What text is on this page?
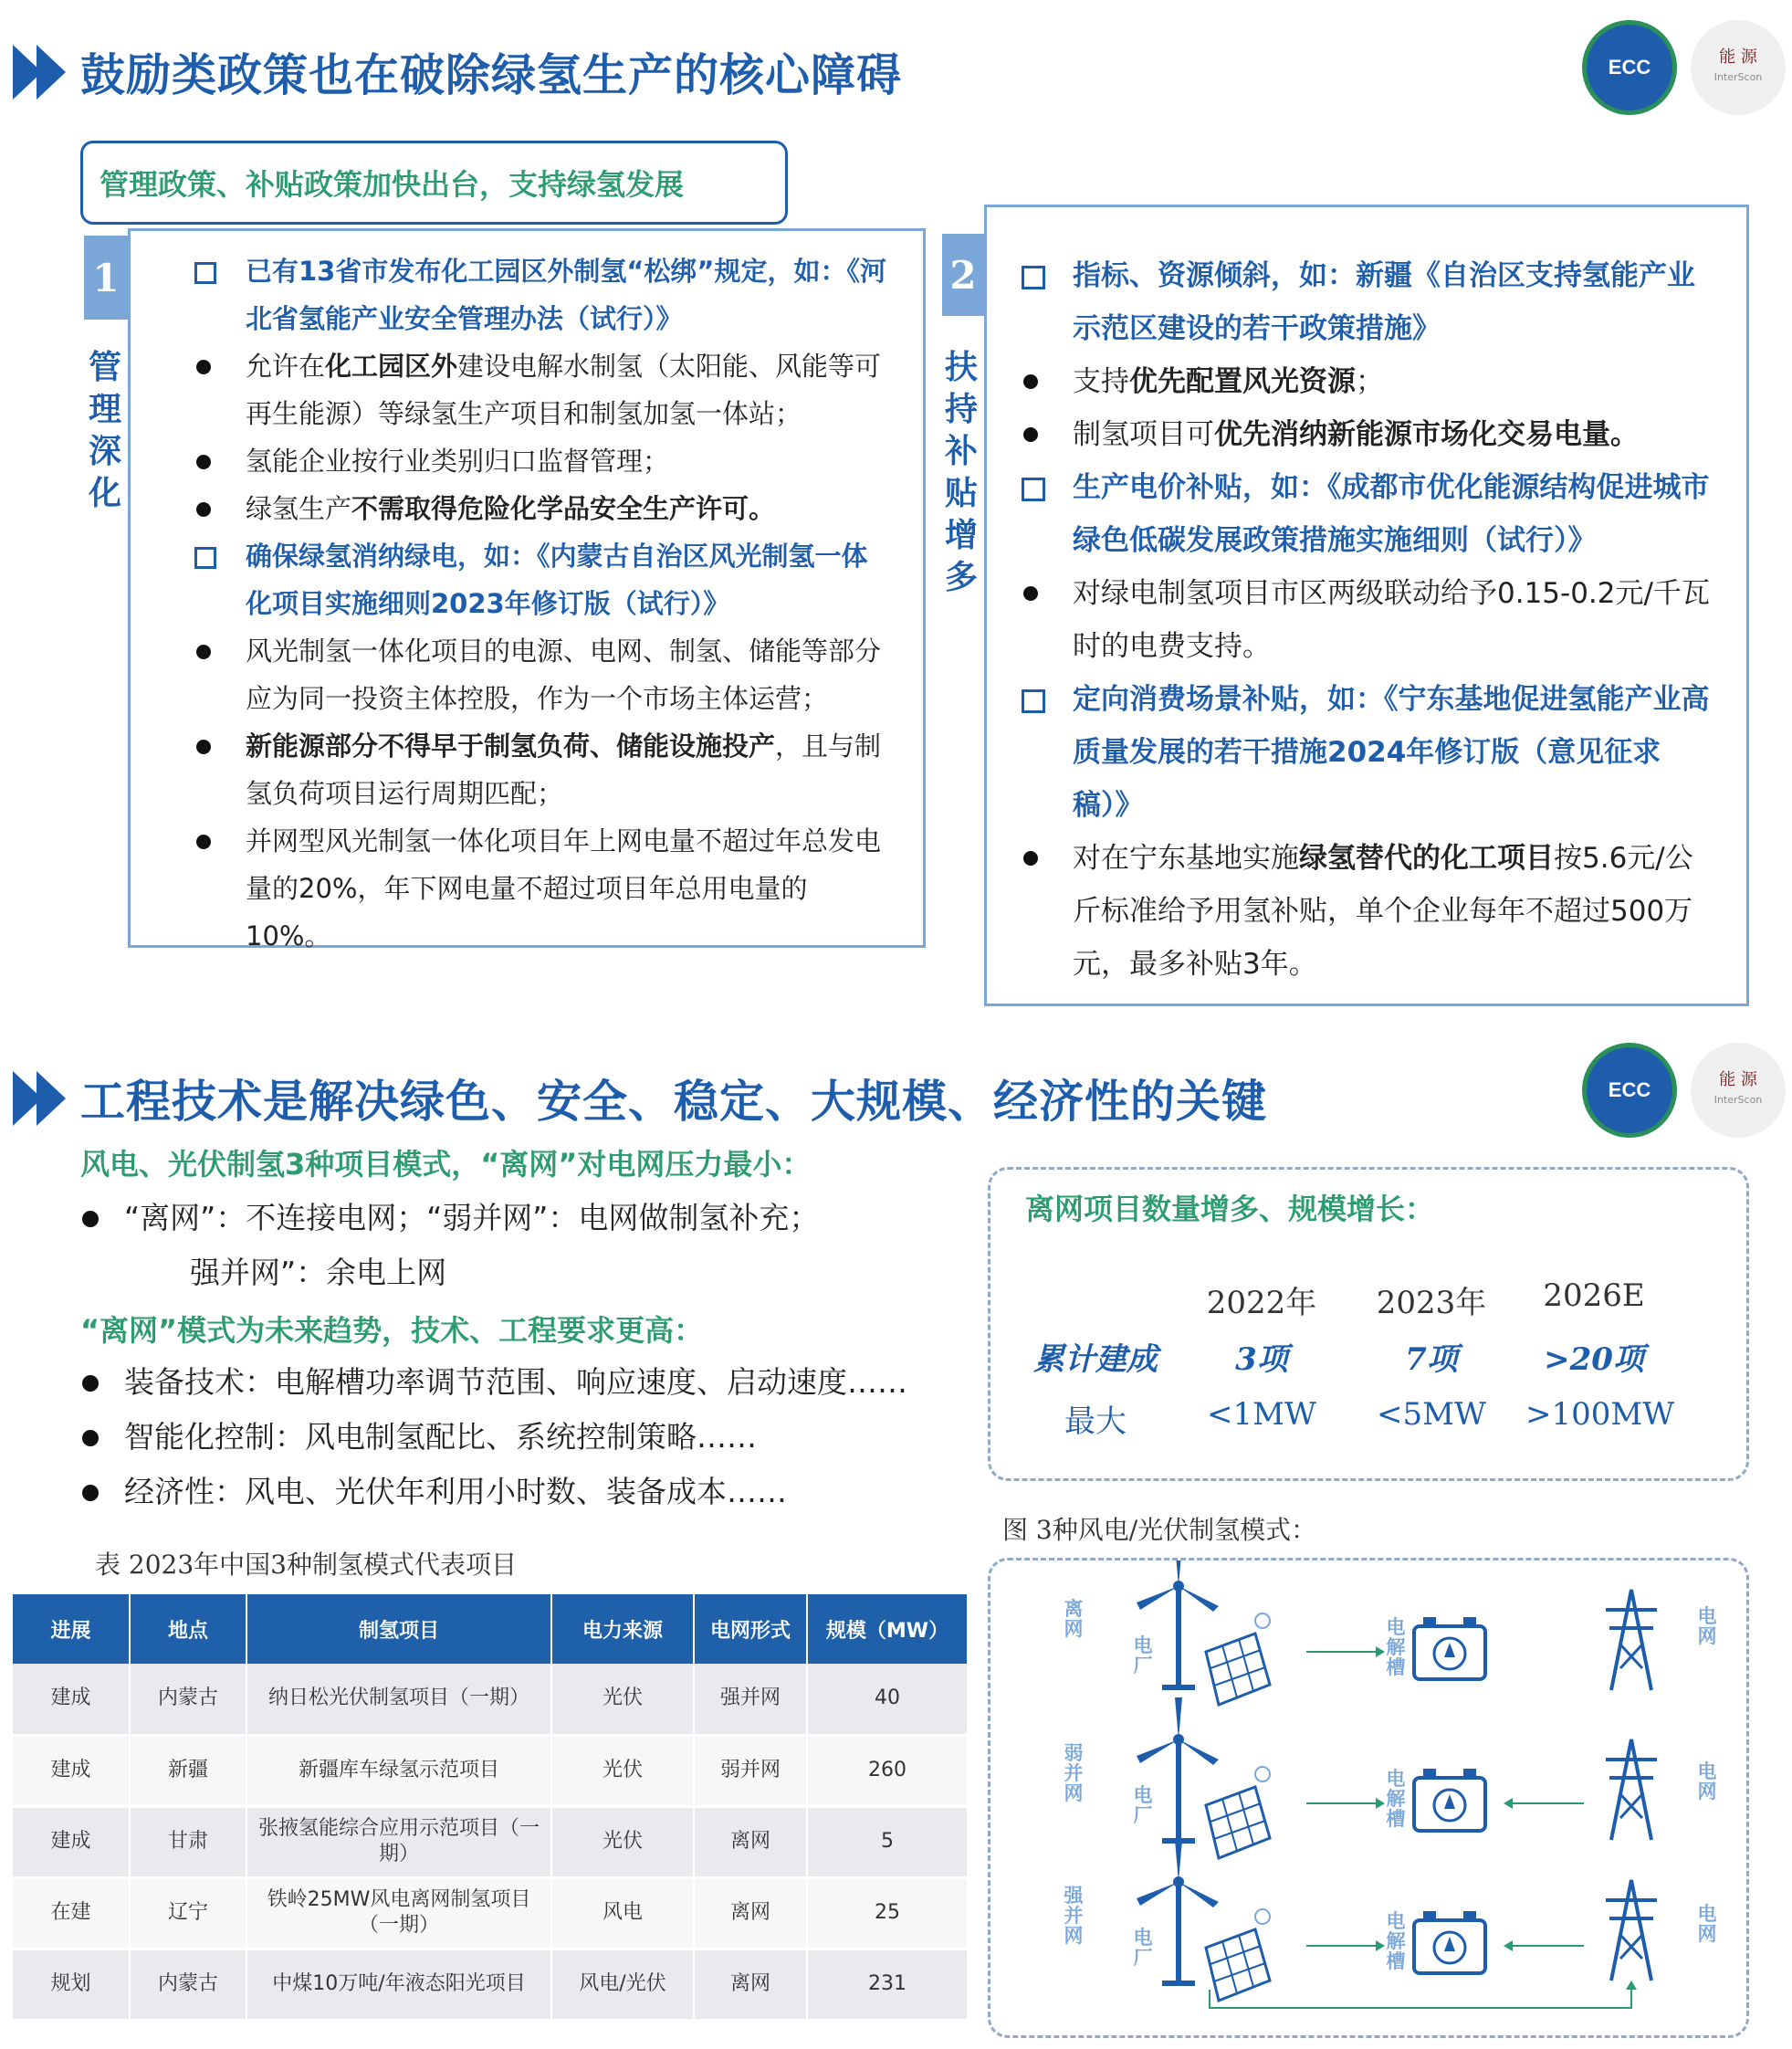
鼓励类政策也在破除绿氢生产的核心障碍	ECC	能 源
InterScon
管理政策、补贴政策加快出台，支持绿氢发展
1
管理深化
已有13省市发布化工园区外制氢“松绑”规定，如：《河北省氢能产业安全管理办法（试行）》
允许在化工园区外建设电解水制氢（太阳能、风能等可再生能源）等绿氢生产项目和制氢加氢一体站；
氢能企业按行业类别归口监督管理；
绿氢生产不需取得危险化学品安全生产许可。
确保绿氢消纳绿电，如：《内蒙古自治区风光制氢一体化项目实施细则2023年修订版（试行）》
风光制氢一体化项目的电源、电网、制氢、储能等部分应为同一投资主体控股，作为一个市场主体运营；
新能源部分不得早于制氢负荷、储能设施投产，且与制氢负荷项目运行周期匹配；
并网型风光制氢一体化项目年上网电量不超过年总发电量的20%，年下网电量不超过项目年总用电量的10%。
2
扶持补贴增多
指标、资源倾斜，如：新疆《自治区支持氢能产业示范区建设的若干政策措施》
支持优先配置风光资源；
制氢项目可优先消纳新能源市场化交易电量。
生产电价补贴，如：《成都市优化能源结构促进城市绿色低碳发展政策措施实施细则（试行）》
对绿电制氢项目市区两级联动给予0.15-0.2元/千瓦时的电费支持。
定向消费场景补贴，如：《宁东基地促进氢能产业高质量发展的若干措施2024年修订版（意见征求稿）》
对在宁东基地实施绿氢替代的化工项目按5.6元/公斤标准给予用氢补贴，单个企业每年不超过500万元，最多补贴3年。
工程技术是解决绿色、安全、稳定、大规模、经济性的关键	ECC	能 源
InterScon
风电、光伏制氢3种项目模式，“离网”对电网压力最小：
“离网”：不连接电网；“弱并网”：电网做制氢补充；
强并网”：余电上网
“离网”模式为未来趋势，技术、工程要求更高：
装备技术：电解槽功率调节范围、响应速度、启动速度……
智能化控制：风电制氢配比、系统控制策略……
经济性：风电、光伏年利用小时数、装备成本……
表 2023年中国3种制氢模式代表项目
进展	地点	制氢项目	电力来源	电网形式	规模（MW）
建成	内蒙古	纳日松光伏制氢项目（一期）	光伏	强并网	40
建成	新疆	新疆库车绿氢示范项目	光伏	弱并网	260
建成	甘肃	张掖氢能综合应用示范项目（一期）	光伏	离网	5
在建	辽宁	铁岭25MW风电离网制氢项目（一期）	风电	离网	25
规划	内蒙古	中煤10万吨/年液态阳光项目	风电/光伏	离网	231
离网项目数量增多、规模增长：
2022年 2023年 2026E
累计建成	3项	7项	>20项
最大	<1MW	<5MW	>100MW
图 3种风电/光伏制氢模式：
离网
电厂
电解槽
电网
弱并网	电厂
电解槽
电网
强并网	电厂
电解槽
电网
